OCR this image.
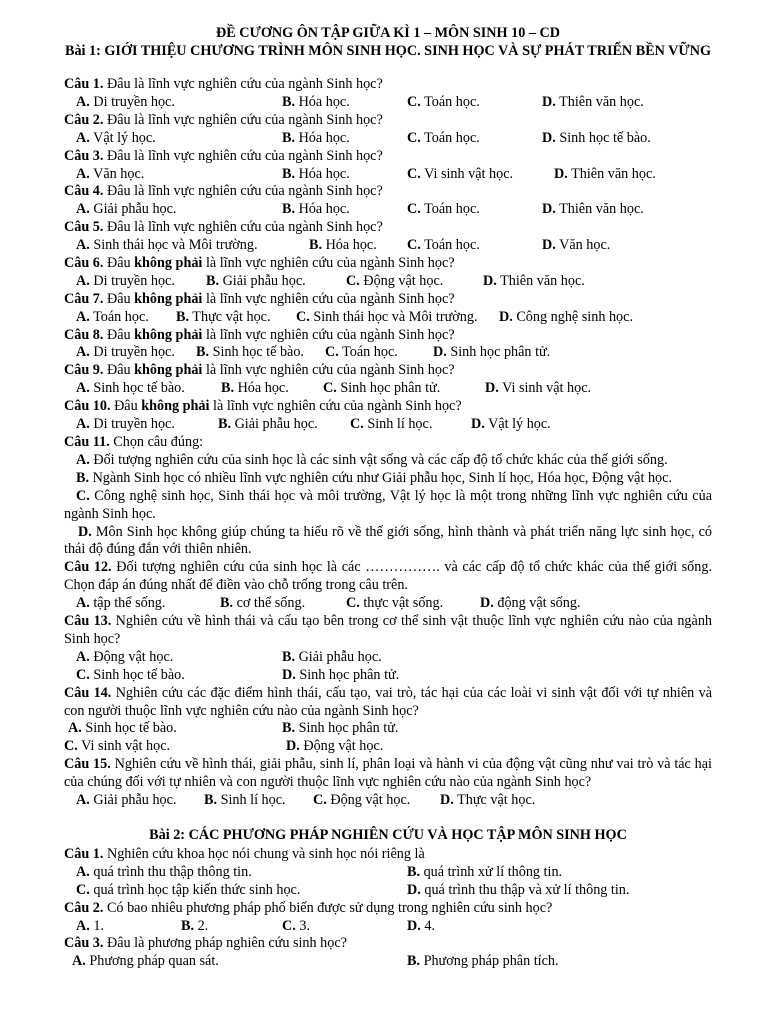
ĐỀ CƯƠNG ÔN TẬP GIỮA KÌ 1 – MÔN SINH 10 – CD
Bài 1: GIỚI THIỆU CHƯƠNG TRÌNH MÔN SINH HỌC. SINH HỌC VÀ SỰ PHÁT TRIỂN BỀN VỮNG
Câu 1. Đâu là lĩnh vực nghiên cứu của ngành Sinh học?
A. Di truyền học.	B. Hóa học.	C. Toán học.	D. Thiên văn học.
Câu 2. Đâu là lĩnh vực nghiên cứu của ngành Sinh học?
A. Vật lý học.	B. Hóa học.	C. Toán học.	D. Sinh học tế bào.
Câu 3. Đâu là lĩnh vực nghiên cứu của ngành Sinh học?
A. Văn học.	B. Hóa học.	C. Vi sinh vật học.	D. Thiên văn học.
Câu 4. Đâu là lĩnh vực nghiên cứu của ngành Sinh học?
A. Giải phẫu học.	B. Hóa học.	C. Toán học.	D. Thiên văn học.
Câu 5. Đâu là lĩnh vực nghiên cứu của ngành Sinh học?
A. Sinh thái học và Môi trường.	B. Hóa học. C. Toán học.	D. Văn học.
Câu 6. Đâu không phải là lĩnh vực nghiên cứu của ngành Sinh học?
A. Di truyền học. B. Giải phẫu học.	C. Động vật học.	D. Thiên văn học.
Câu 7. Đâu không phải là lĩnh vực nghiên cứu của ngành Sinh học?
A. Toán học. B. Thực vật học. C. Sinh thái học và Môi trường. D. Công nghệ sinh học.
Câu 8. Đâu không phải là lĩnh vực nghiên cứu của ngành Sinh học?
A. Di truyền học. B. Sinh học tế bào. C. Toán học. D. Sinh học phân tử.
Câu 9. Đâu không phải là lĩnh vực nghiên cứu của ngành Sinh học?
A. Sinh học tế bào.	B. Hóa học. C. Sinh học phân tử.	D. Vi sinh vật học.
Câu 10. Đâu không phải là lĩnh vực nghiên cứu của ngành Sinh học?
A. Di truyền học.	B. Giải phẫu học. C. Sinh lí học.	D. Vật lý học.
Câu 11. Chọn câu đúng:
A. Đối tượng nghiên cứu của sinh học là các sinh vật sống và các cấp độ tổ chức khác của thế giới sống.
B. Ngành Sinh học có nhiều lĩnh vực nghiên cứu như Giải phẫu học, Sinh lí học, Hóa học, Động vật học.
C. Công nghệ sinh học, Sinh thái học và môi trường, Vật lý học là một trong những lĩnh vực nghiên cứu của ngành Sinh học.
D. Môn Sinh học không giúp chúng ta hiểu rõ về thế giới sống, hình thành và phát triển năng lực sinh học, có thái độ đúng đắn với thiên nhiên.
Câu 12. Đối tượng nghiên cứu của sinh học là các ……………. và các cấp độ tổ chức khác của thế giới sống. Chọn đáp án đúng nhất để điền vào chỗ trống trong câu trên.
A. tập thể sống.	B. cơ thể sống.	C. thực vật sống.	D. động vật sống.
Câu 13. Nghiên cứu về hình thái và cấu tạo bên trong cơ thể sinh vật thuộc lĩnh vực nghiên cứu nào của ngành Sinh học?
A. Động vật học.	B. Giải phẫu học.
C. Sinh học tế bào.	D. Sinh học phân tử.
Câu 14. Nghiên cứu các đặc điểm hình thái, cấu tạo, vai trò, tác hại của các loài vi sinh vật đối với tự nhiên và con người thuộc lĩnh vực nghiên cứu nào của ngành Sinh học?
A. Sinh học tế bào.	B. Sinh học phân tử.
C. Vi sinh vật học.	D. Động vật học.
Câu 15. Nghiên cứu về hình thái, giải phẫu, sinh lí, phân loại và hành vi của động vật cũng như vai trò và tác hại của chúng đối với tự nhiên và con người thuộc lĩnh vực nghiên cứu nào của ngành Sinh học?
A. Giải phẫu học. B. Sinh lí học. C. Động vật học. D. Thực vật học.
Bài 2: CÁC PHƯƠNG PHÁP NGHIÊN CỨU VÀ HỌC TẬP MÔN SINH HỌC
Câu 1. Nghiên cứu khoa học nói chung và sinh học nói riêng là
A. quá trình thu thập thông tin.	B. quá trình xử lí thông tin.
C. quá trình học tập kiến thức sinh học.	D. quá trình thu thập và xử lí thông tin.
Câu 2. Có bao nhiêu phương pháp phổ biến được sử dụng trong nghiên cứu sinh học?
A. 1.	B. 2.	C. 3.	D. 4.
Câu 3. Đâu là phương pháp nghiên cứu sinh học?
A. Phương pháp quan sát.	B. Phương pháp phân tích.
